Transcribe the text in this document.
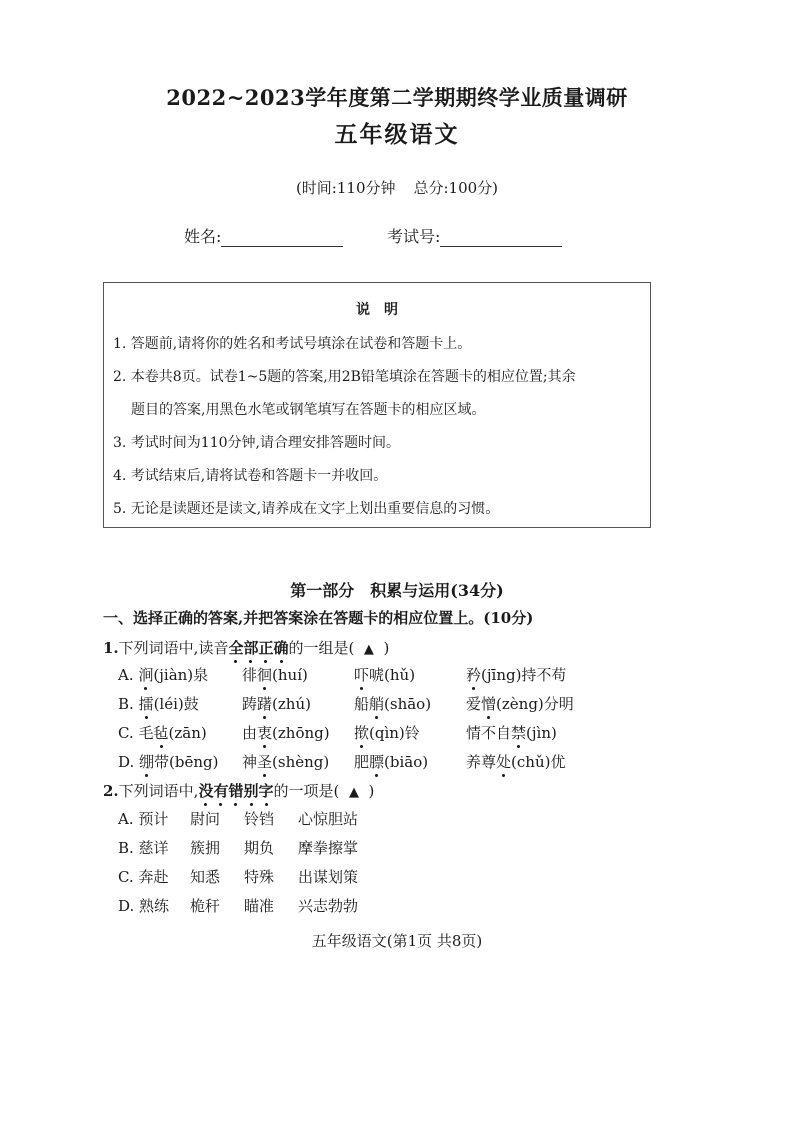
2022~2023学年度第二学期期终学业质量调研
五年级语文
(时间:110分钟 总分:100分)
姓名:	考试号:
说明
1. 答题前,请将你的姓名和考试号填涂在试卷和答题卡上。
2. 本卷共8页。试卷1~5题的答案,用2B铅笔填涂在答题卡的相应位置;其余
题目的答案,用黑色水笔或钢笔填写在答题卡的相应区域。
3. 考试时间为110分钟,请合理安排答题时间。
4. 考试结束后,请将试卷和答题卡一并收回。
5. 无论是读题还是读文,请养成在文字上划出重要信息的习惯。
第一部分 积累与运用(34分)
一、选择正确的答案,并把答案涂在答题卡的相应位置上。(10分)
1.下列词语中,读音全部正确的一组是( ▲ )
A. 涧(jiàn)泉 徘徊(huí)	吓唬(hǔ)	矜(jīng)持不苟
B. 擂(léi)鼓	踌躇(zhú)	船艄(shāo) 爱憎(zèng)分明
C. 毛毡(zān) 由衷(zhōng) 揿(qìn)铃	情不自禁(jìn)
D. 绷带(bēng) 神圣(shèng) 肥膘(biāo)	养尊处(chǔ)优
2.下列词语中,没有错别字的一项是( ▲ )
A. 预计 尉问 铃铛 心惊胆站
B. 慈详 簇拥 期负 摩拳擦掌
C. 奔赴 知悉 特殊 出谋划策
D. 熟练 桅秆 瞄准 兴志勃勃
五年级语文(第1页 共8页)
